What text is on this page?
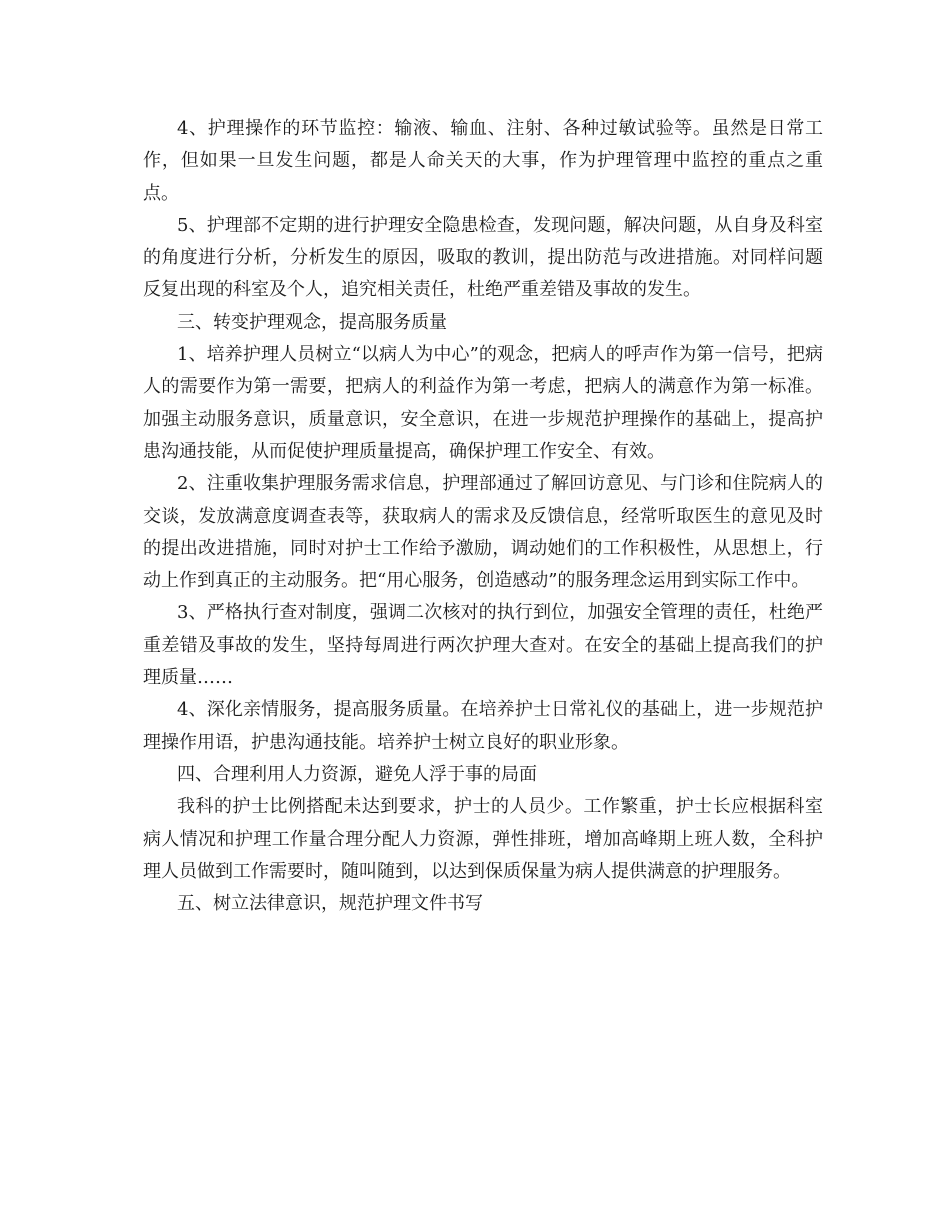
4、护理操作的环节监控：输液、输血、注射、各种过敏试验等。虽然是日常工作，但如果一旦发生问题，都是人命关天的大事，作为护理管理中监控的重点之重点。

5、护理部不定期的进行护理安全隐患检查，发现问题，解决问题，从自身及科室的角度进行分析，分析发生的原因，吸取的教训，提出防范与改进措施。对同样问题反复出现的科室及个人，追究相关责任，杜绝严重差错及事故的发生。

三、转变护理观念，提高服务质量

1、培养护理人员树立“以病人为中心”的观念，把病人的呼声作为第一信号，把病人的需要作为第一需要，把病人的利益作为第一考虑，把病人的满意作为第一标准。加强主动服务意识，质量意识，安全意识，在进一步规范护理操作的基础上，提高护患沟通技能，从而促使护理质量提高，确保护理工作安全、有效。

2、注重收集护理服务需求信息，护理部通过了解回访意见、与门诊和住院病人的交谈，发放满意度调查表等，获取病人的需求及反馈信息，经常听取医生的意见及时的提出改进措施，同时对护士工作给予激励，调动她们的工作积极性，从思想上，行动上作到真正的主动服务。把“用心服务，创造感动”的服务理念运用到实际工作中。

3、严格执行查对制度，强调二次核对的执行到位，加强安全管理的责任，杜绝严重差错及事故的发生，坚持每周进行两次护理大查对。在安全的基础上提高我们的护理质量……

4、深化亲情服务，提高服务质量。在培养护士日常礼仪的基础上，进一步规范护理操作用语，护患沟通技能。培养护士树立良好的职业形象。

四、合理利用人力资源，避免人浮于事的局面

我科的护士比例搭配未达到要求，护士的人员少。工作繁重，护士长应根据科室病人情况和护理工作量合理分配人力资源，弹性排班，增加高峰期上班人数，全科护理人员做到工作需要时，随叫随到，以达到保质保量为病人提供满意的护理服务。

五、树立法律意识，规范护理文件书写
